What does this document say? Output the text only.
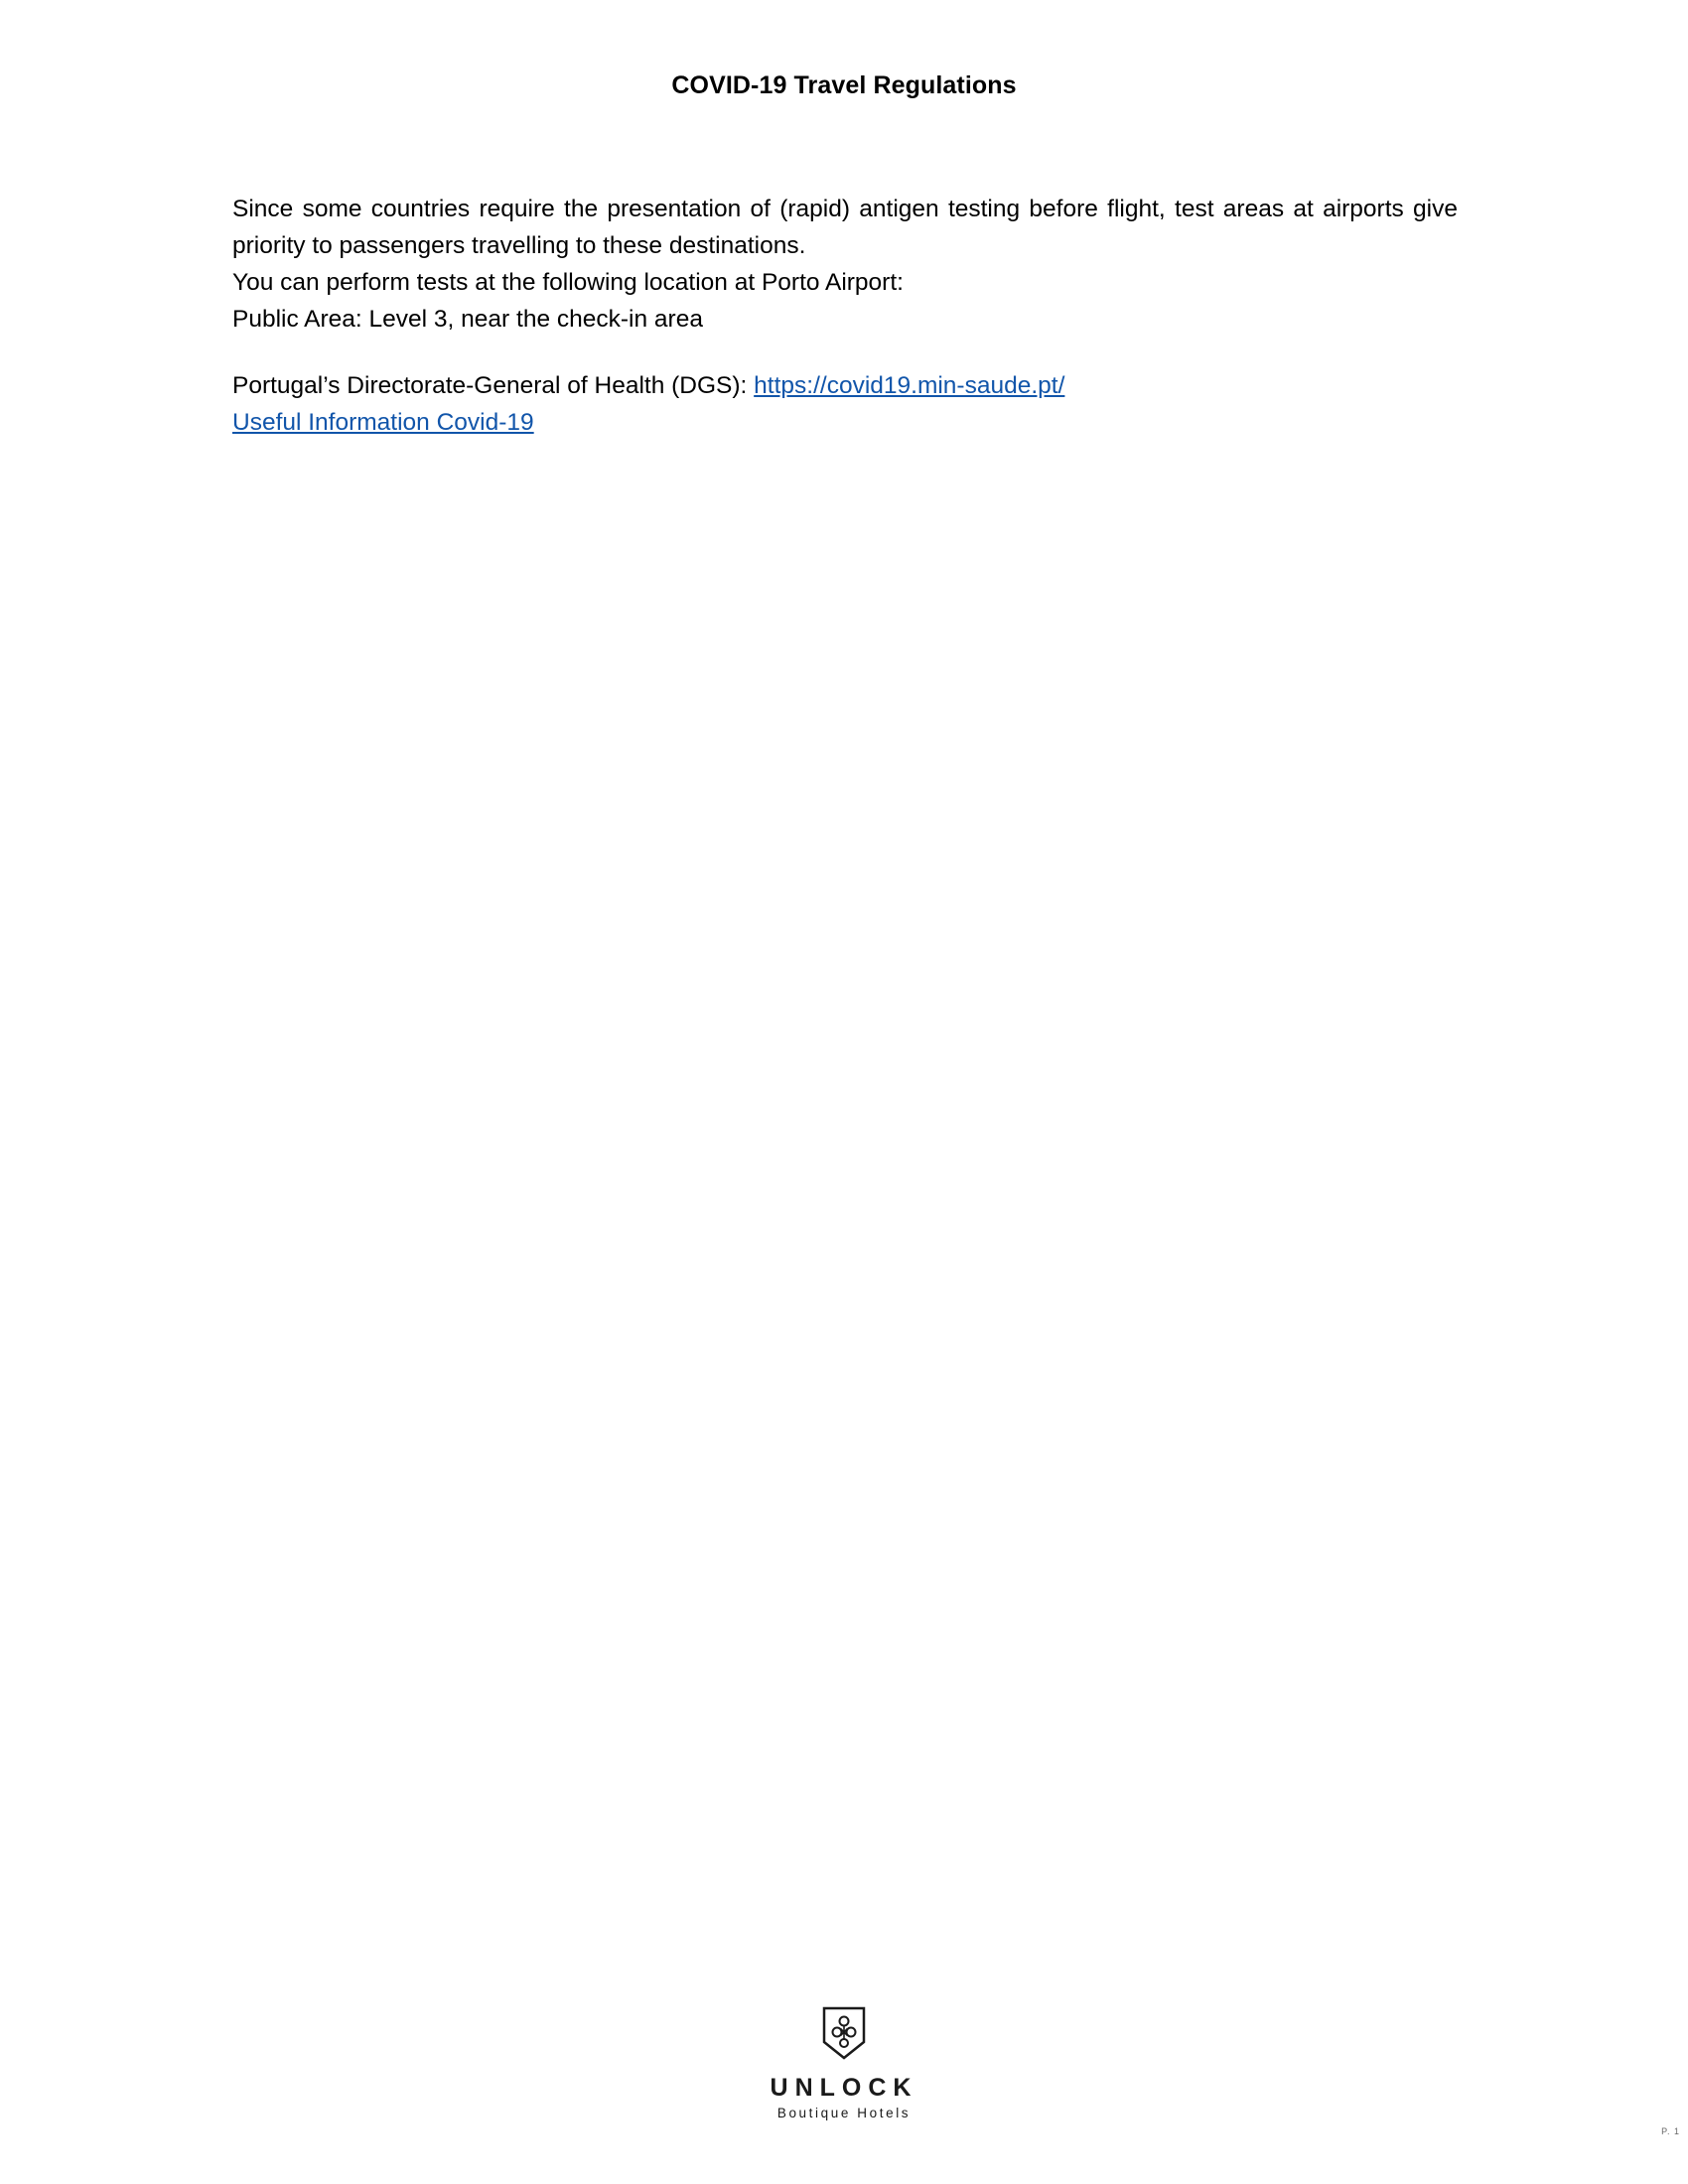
COVID-19 Travel Regulations
Since some countries require the presentation of (rapid) antigen testing before flight, test areas at airports give priority to passengers travelling to these destinations.
You can perform tests at the following location at Porto Airport:
Public Area: Level 3, near the check-in area
Portugal’s Directorate-General of Health (DGS): https://covid19.min-saude.pt/
Useful Information Covid-19
UNLOCK
Boutique Hotels
P. 1
